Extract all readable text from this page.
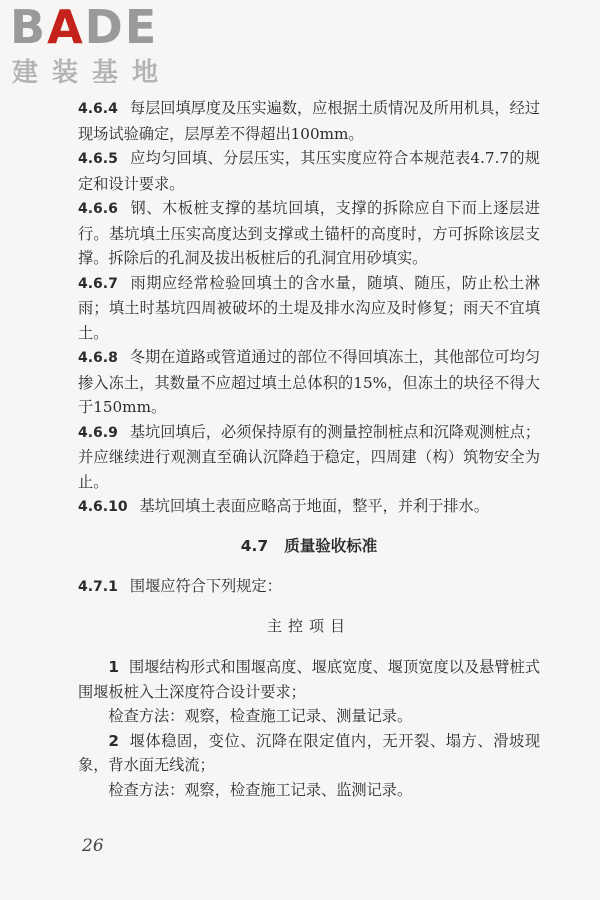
BADE
建装基地

4.6.4 每层回填厚度及压实遍数，应根据土质情况及所用机具，经过现场试验确定，层厚差不得超出100mm。

4.6.5 应均匀回填、分层压实，其压实度应符合本规范表4.7.7的规定和设计要求。

4.6.6 钢、木板桩支撑的基坑回填，支撑的拆除应自下而上逐层进行。基坑填土压实高度达到支撑或土锚杆的高度时，方可拆除该层支撑。拆除后的孔洞及拔出板桩后的孔洞宜用砂填实。

4.6.7 雨期应经常检验回填土的含水量，随填、随压，防止松土淋雨；填土时基坑四周被破坏的土堤及排水沟应及时修复；雨天不宜填土。

4.6.8 冬期在道路或管道通过的部位不得回填冻土，其他部位可均匀掺入冻土，其数量不应超过填土总体积的15%，但冻土的块径不得大于150mm。

4.6.9 基坑回填后，必须保持原有的测量控制桩点和沉降观测桩点；并应继续进行观测直至确认沉降趋于稳定，四周建（构）筑物安全为止。

4.6.10 基坑回填土表面应略高于地面，整平，并利于排水。

4.7 质量验收标准

4.7.1 围堰应符合下列规定：

主控项目

1 围堰结构形式和围堰高度、堰底宽度、堰顶宽度以及悬臂桩式围堰板桩入土深度符合设计要求；

检查方法：观察，检查施工记录、测量记录。

2 堰体稳固，变位、沉降在限定值内，无开裂、塌方、滑坡现象，背水面无线流；

检查方法：观察，检查施工记录、监测记录。

26
